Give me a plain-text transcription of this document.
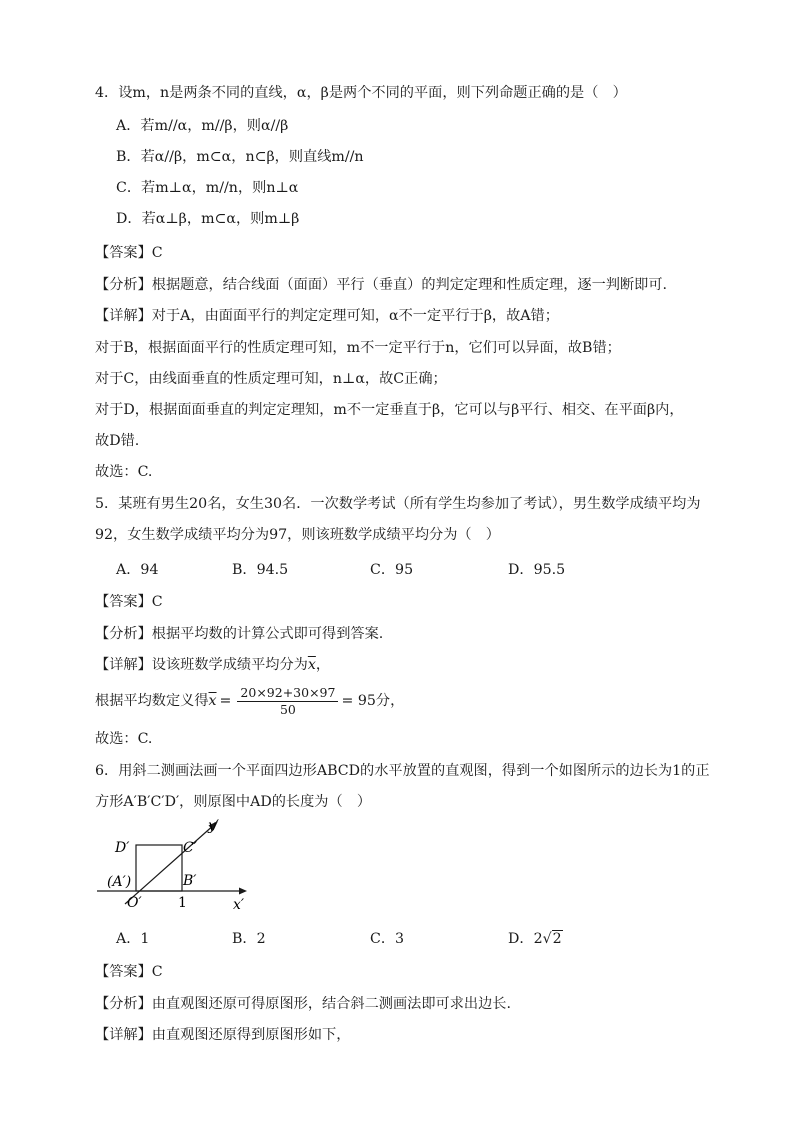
4．设m，n是两条不同的直线，α，β是两个不同的平面，则下列命题正确的是（　）
A．若m//α，m//β，则α//β
B．若α//β，m⊂α，n⊂β，则直线m//n
C．若m⊥α，m//n，则n⊥α
D．若α⊥β，m⊂α，则m⊥β
【答案】C
【分析】根据题意，结合线面（面面）平行（垂直）的判定定理和性质定理，逐一判断即可.
【详解】对于A，由面面平行的判定定理可知，α不一定平行于β，故A错；
对于B，根据面面平行的性质定理可知，m不一定平行于n，它们可以异面，故B错；
对于C，由线面垂直的性质定理可知，n⊥α，故C正确；
对于D，根据面面垂直的判定定理知，m不一定垂直于β，它可以与β平行、相交、在平面β内，
故D错.
故选：C.
5．某班有男生20名，女生30名．一次数学考试（所有学生均参加了考试），男生数学成绩平均为
92，女生数学成绩平均分为97，则该班数学成绩平均分为（　）
A．94	B．94.5	C．95	D．95.5
【答案】C
【分析】根据平均数的计算公式即可得到答案.
【详解】设该班数学成绩平均分为$\overline{x}$，
根据平均数定义得$\overline{x} = \frac{20\times 92+30\times 97}{50} = 95$分，
故选：C.
6．用斜二测画法画一个平面四边形ABCD的水平放置的直观图，得到一个如图所示的边长为1的正
方形A′B′C′D′，则原图中AD的长度为（　）
y′
D′	C′
(A′)	B′
O′	1	x′
A．1	B．2	C．3	D．2√2
【答案】C
【分析】由直观图还原可得原图形，结合斜二测画法即可求出边长.
【详解】由直观图还原得到原图形如下，
